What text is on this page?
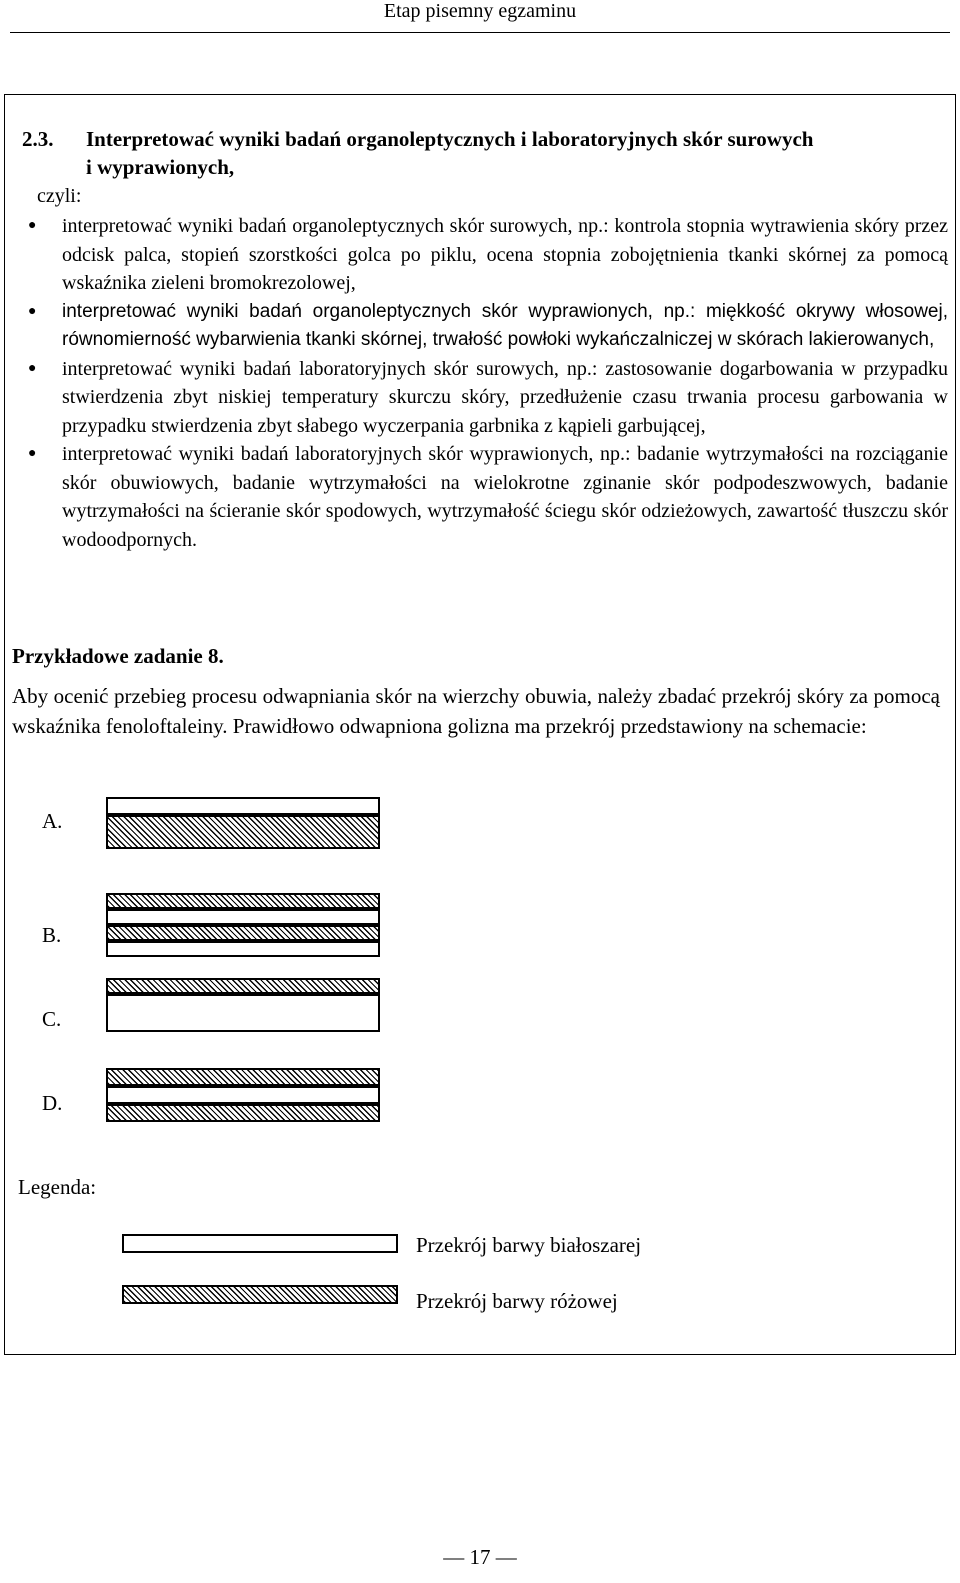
Etap pisemny egzaminu
2.3. Interpretować wyniki badań organoleptycznych i laboratoryjnych skór surowych
i wyprawionych,
czyli:
● interpretować wyniki badań organoleptycznych skór surowych, np.: kontrola stopnia wytrawienia skóry przez odcisk palca, stopień szorstkości golca po piklu, ocena stopnia zobojętnienia tkanki skórnej za pomocą wskaźnika zieleni bromokrezolowej,
● interpretować wyniki badań organoleptycznych skór wyprawionych, np.: miękkość okrywy włosowej, równomierność wybarwienia tkanki skórnej, trwałość powłoki wykańczalniczej w skórach lakierowanych,
● interpretować wyniki badań laboratoryjnych skór surowych, np.: zastosowanie dogarbowania w przypadku stwierdzenia zbyt niskiej temperatury skurczu skóry, przedłużenie czasu trwania procesu garbowania w przypadku stwierdzenia zbyt słabego wyczerpania garbnika z kąpieli garbującej,
● interpretować wyniki badań laboratoryjnych skór wyprawionych, np.: badanie wytrzymałości na rozciąganie skór obuwiowych, badanie wytrzymałości na wielokrotne zginanie skór podpodeszwowych, badanie wytrzymałości na ścieranie skór spodowych, wytrzymałość ściegu skór odzieżowych, zawartość tłuszczu skór wodoodpornych.
Przykładowe zadanie 8.
Aby ocenić przebieg procesu odwapniania skór na wierzchy obuwia, należy zbadać przekrój skóry za pomocą wskaźnika fenoloftaleiny. Prawidłowo odwapniona golizna ma przekrój przedstawiony na schemacie:
A.
B.
C.
D.
Legenda:
Przekrój barwy białoszarej
Przekrój barwy różowej
— 17 —
